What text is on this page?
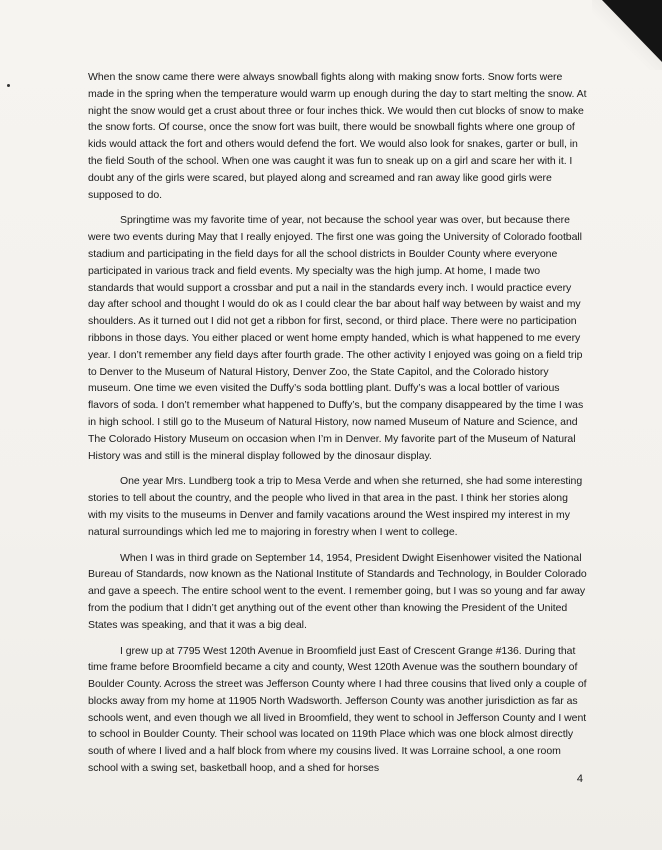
When the snow came there were always snowball fights along with making snow forts. Snow forts were made in the spring when the temperature would warm up enough during the day to start melting the snow. At night the snow would get a crust about three or four inches thick. We would then cut blocks of snow to make the snow forts. Of course, once the snow fort was built, there would be snowball fights where one group of kids would attack the fort and others would defend the fort. We would also look for snakes, garter or bull, in the field South of the school. When one was caught it was fun to sneak up on a girl and scare her with it. I doubt any of the girls were scared, but played along and screamed and ran away like good girls were supposed to do.

Springtime was my favorite time of year, not because the school year was over, but because there were two events during May that I really enjoyed. The first one was going the University of Colorado football stadium and participating in the field days for all the school districts in Boulder County where everyone participated in various track and field events. My specialty was the high jump. At home, I made two standards that would support a crossbar and put a nail in the standards every inch. I would practice every day after school and thought I would do ok as I could clear the bar about half way between by waist and my shoulders. As it turned out I did not get a ribbon for first, second, or third place. There were no participation ribbons in those days. You either placed or went home empty handed, which is what happened to me every year. I don’t remember any field days after fourth grade. The other activity I enjoyed was going on a field trip to Denver to the Museum of Natural History, Denver Zoo, the State Capitol, and the Colorado history museum. One time we even visited the Duffy’s soda bottling plant. Duffy’s was a local bottler of various flavors of soda. I don’t remember what happened to Duffy’s, but the company disappeared by the time I was in high school. I still go to the Museum of Natural History, now named Museum of Nature and Science, and The Colorado History Museum on occasion when I’m in Denver. My favorite part of the Museum of Natural History was and still is the mineral display followed by the dinosaur display.

One year Mrs. Lundberg took a trip to Mesa Verde and when she returned, she had some interesting stories to tell about the country, and the people who lived in that area in the past. I think her stories along with my visits to the museums in Denver and family vacations around the West inspired my interest in my natural surroundings which led me to majoring in forestry when I went to college.

When I was in third grade on September 14, 1954, President Dwight Eisenhower visited the National Bureau of Standards, now known as the National Institute of Standards and Technology, in Boulder Colorado and gave a speech. The entire school went to the event. I remember going, but I was so young and far away from the podium that I didn’t get anything out of the event other than knowing the President of the United States was speaking, and that it was a big deal.

I grew up at 7795 West 120th Avenue in Broomfield just East of Crescent Grange #136. During that time frame before Broomfield became a city and county, West 120th Avenue was the southern boundary of Boulder County. Across the street was Jefferson County where I had three cousins that lived only a couple of blocks away from my home at 11905 North Wadsworth. Jefferson County was another jurisdiction as far as schools went, and even though we all lived in Broomfield, they went to school in Jefferson County and I went to school in Boulder County. Their school was located on 119th Place which was one block almost directly south of where I lived and a half block from where my cousins lived. It was Lorraine school, a one room school with a swing set, basketball hoop, and a shed for horses

4
